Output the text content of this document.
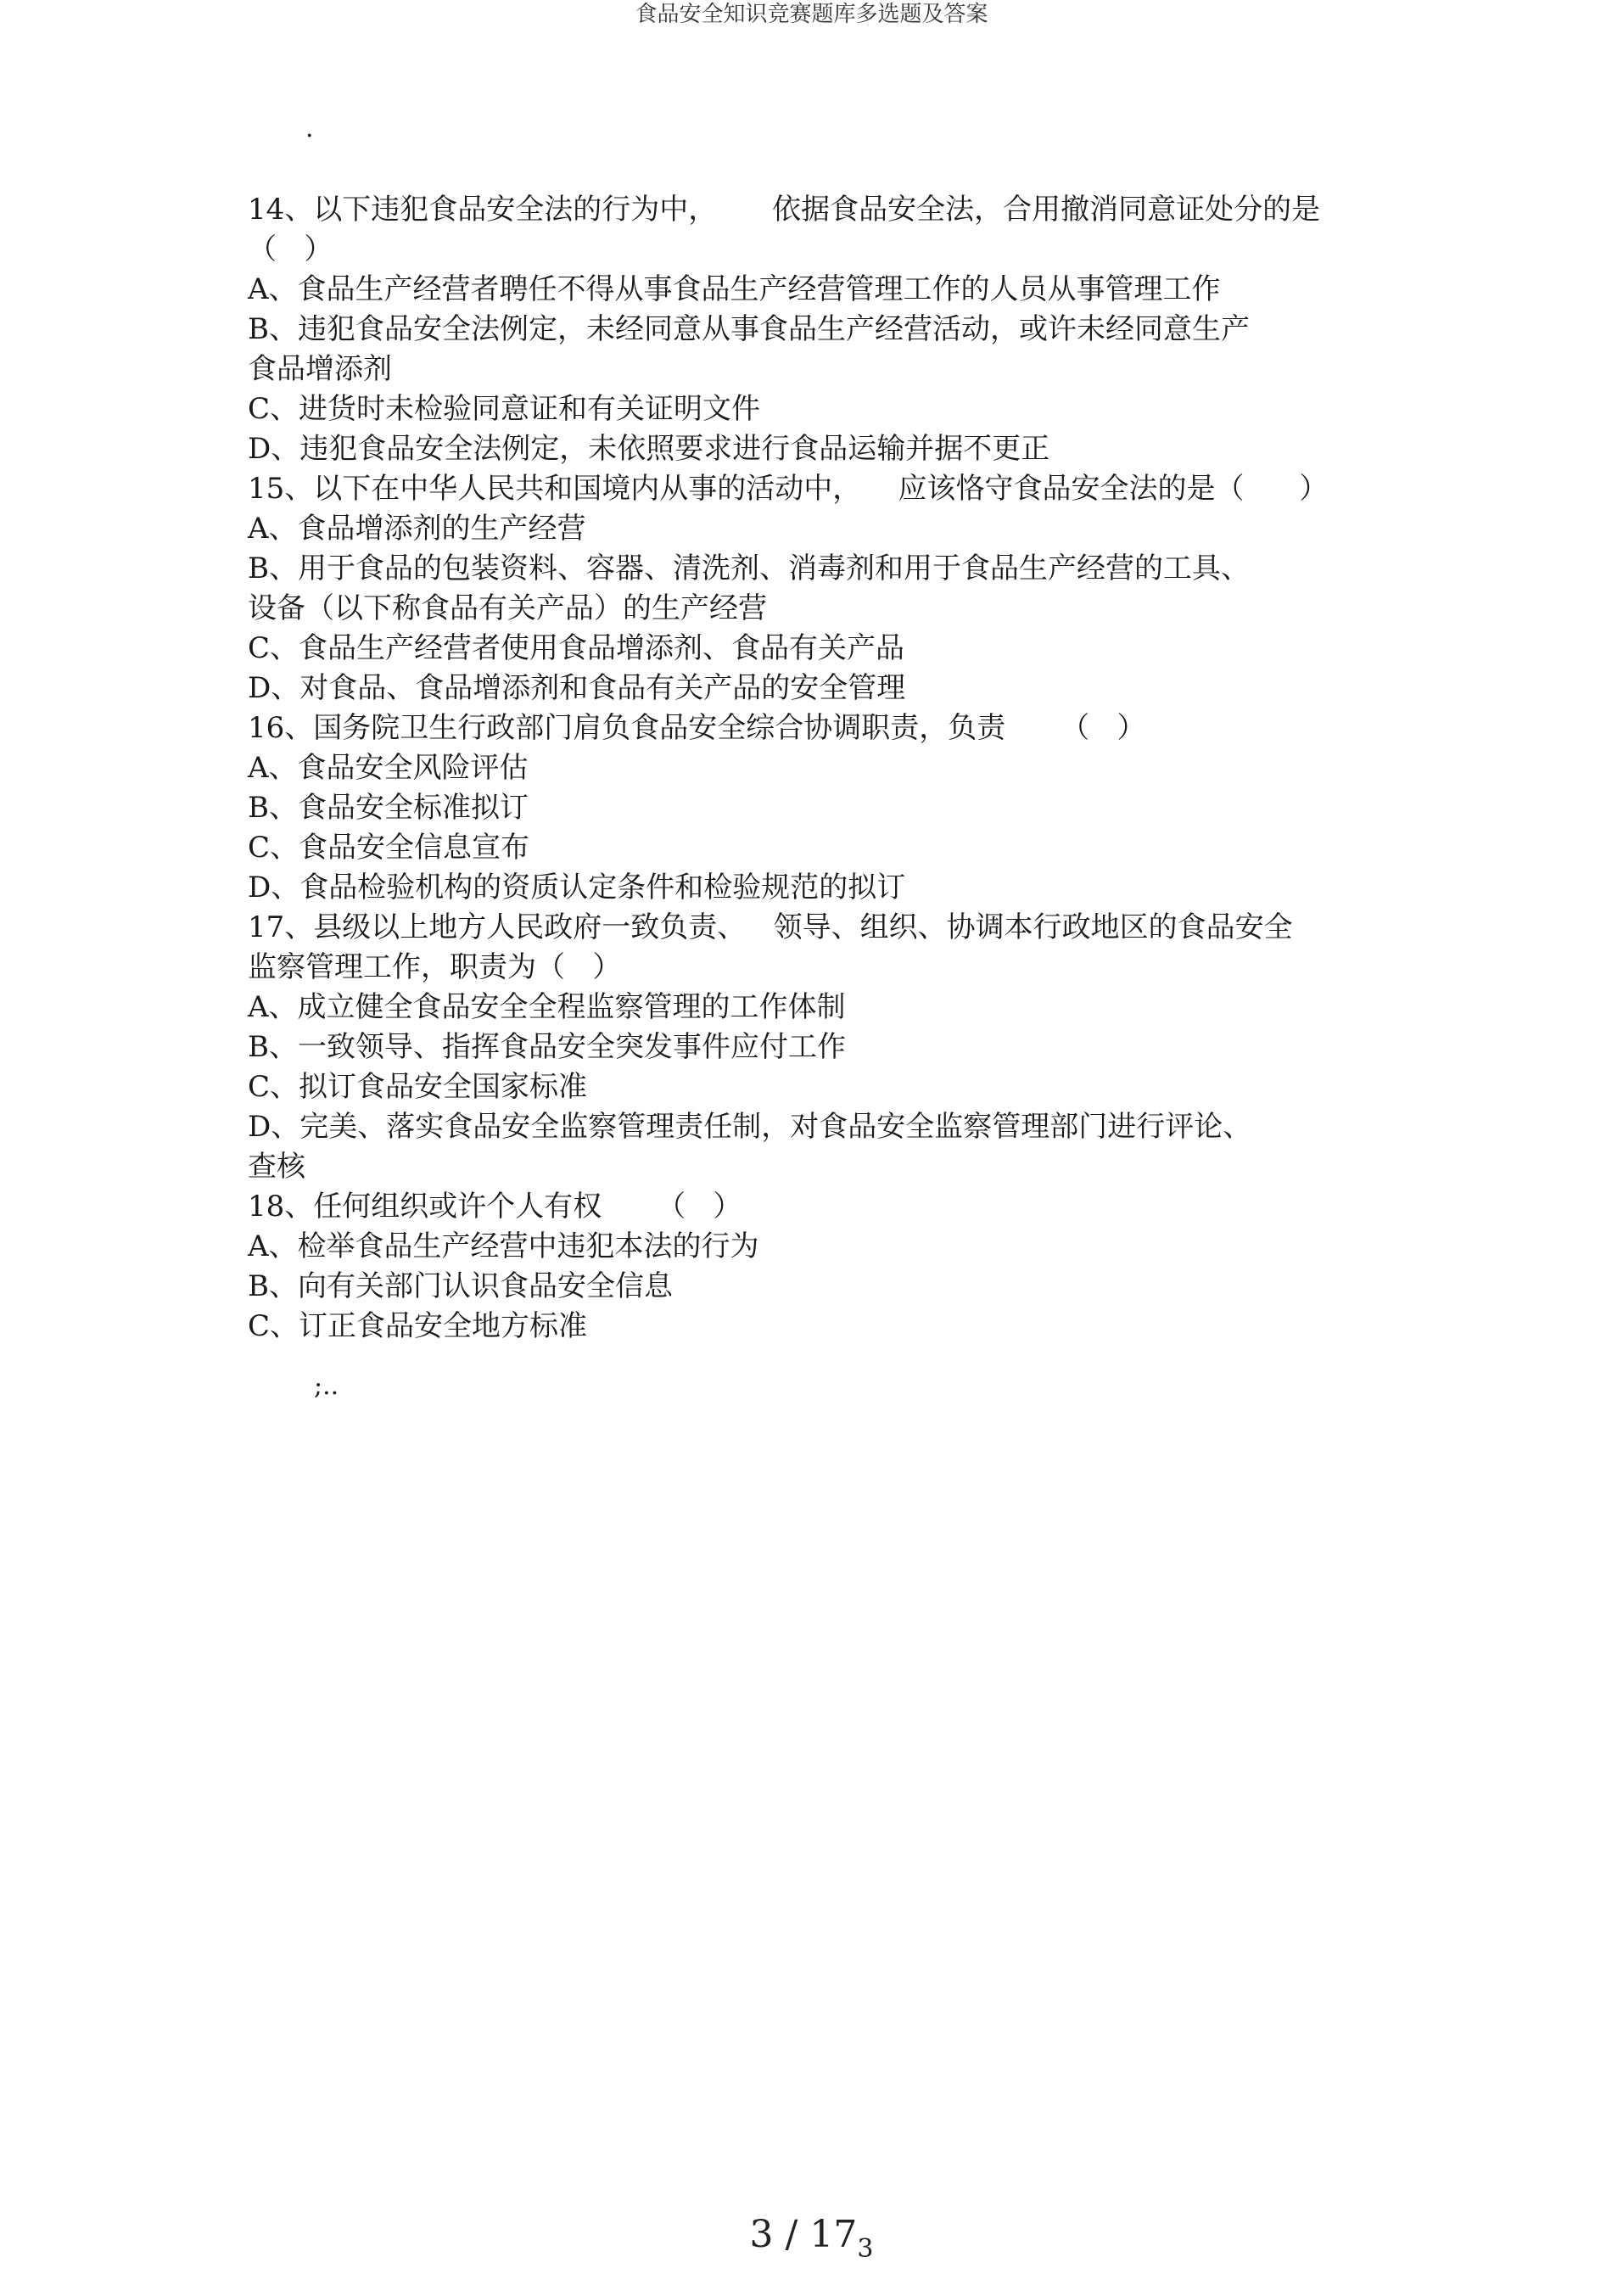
食品安全知识竞赛题库多选题及答案
.
14、以下违犯食品安全法的行为中，      依据食品安全法，合用撤消同意证处分的是
（   ）
A、食品生产经营者聘任不得从事食品生产经营管理工作的人员从事管理工作
B、违犯食品安全法例定，未经同意从事食品生产经营活动，或许未经同意生产
食品增添剂
C、进货时未检验同意证和有关证明文件
D、违犯食品安全法例定，未依照要求进行食品运输并据不更正
15、以下在中华人民共和国境内从事的活动中，    应该恪守食品安全法的是（      ）
A、食品增添剂的生产经营
B、用于食品的包装资料、容器、清洗剂、消毒剂和用于食品生产经营的工具、
设备（以下称食品有关产品）的生产经营
C、食品生产经营者使用食品增添剂、食品有关产品
D、对食品、食品增添剂和食品有关产品的安全管理
16、国务院卫生行政部门肩负食品安全综合协调职责，负责      （   ）
A、食品安全风险评估
B、食品安全标准拟订
C、食品安全信息宣布
D、食品检验机构的资质认定条件和检验规范的拟订
17、县级以上地方人民政府一致负责、   领导、组织、协调本行政地区的食品安全
监察管理工作，职责为（   ）
A、成立健全食品安全全程监察管理的工作体制
B、一致领导、指挥食品安全突发事件应付工作
C、拟订食品安全国家标准
D、完美、落实食品安全监察管理责任制，对食品安全监察管理部门进行评论、
查核
18、任何组织或许个人有权      （   ）
A、检举食品生产经营中违犯本法的行为
B、向有关部门认识食品安全信息
C、订正食品安全地方标准
;..
$3 / 17_3$
